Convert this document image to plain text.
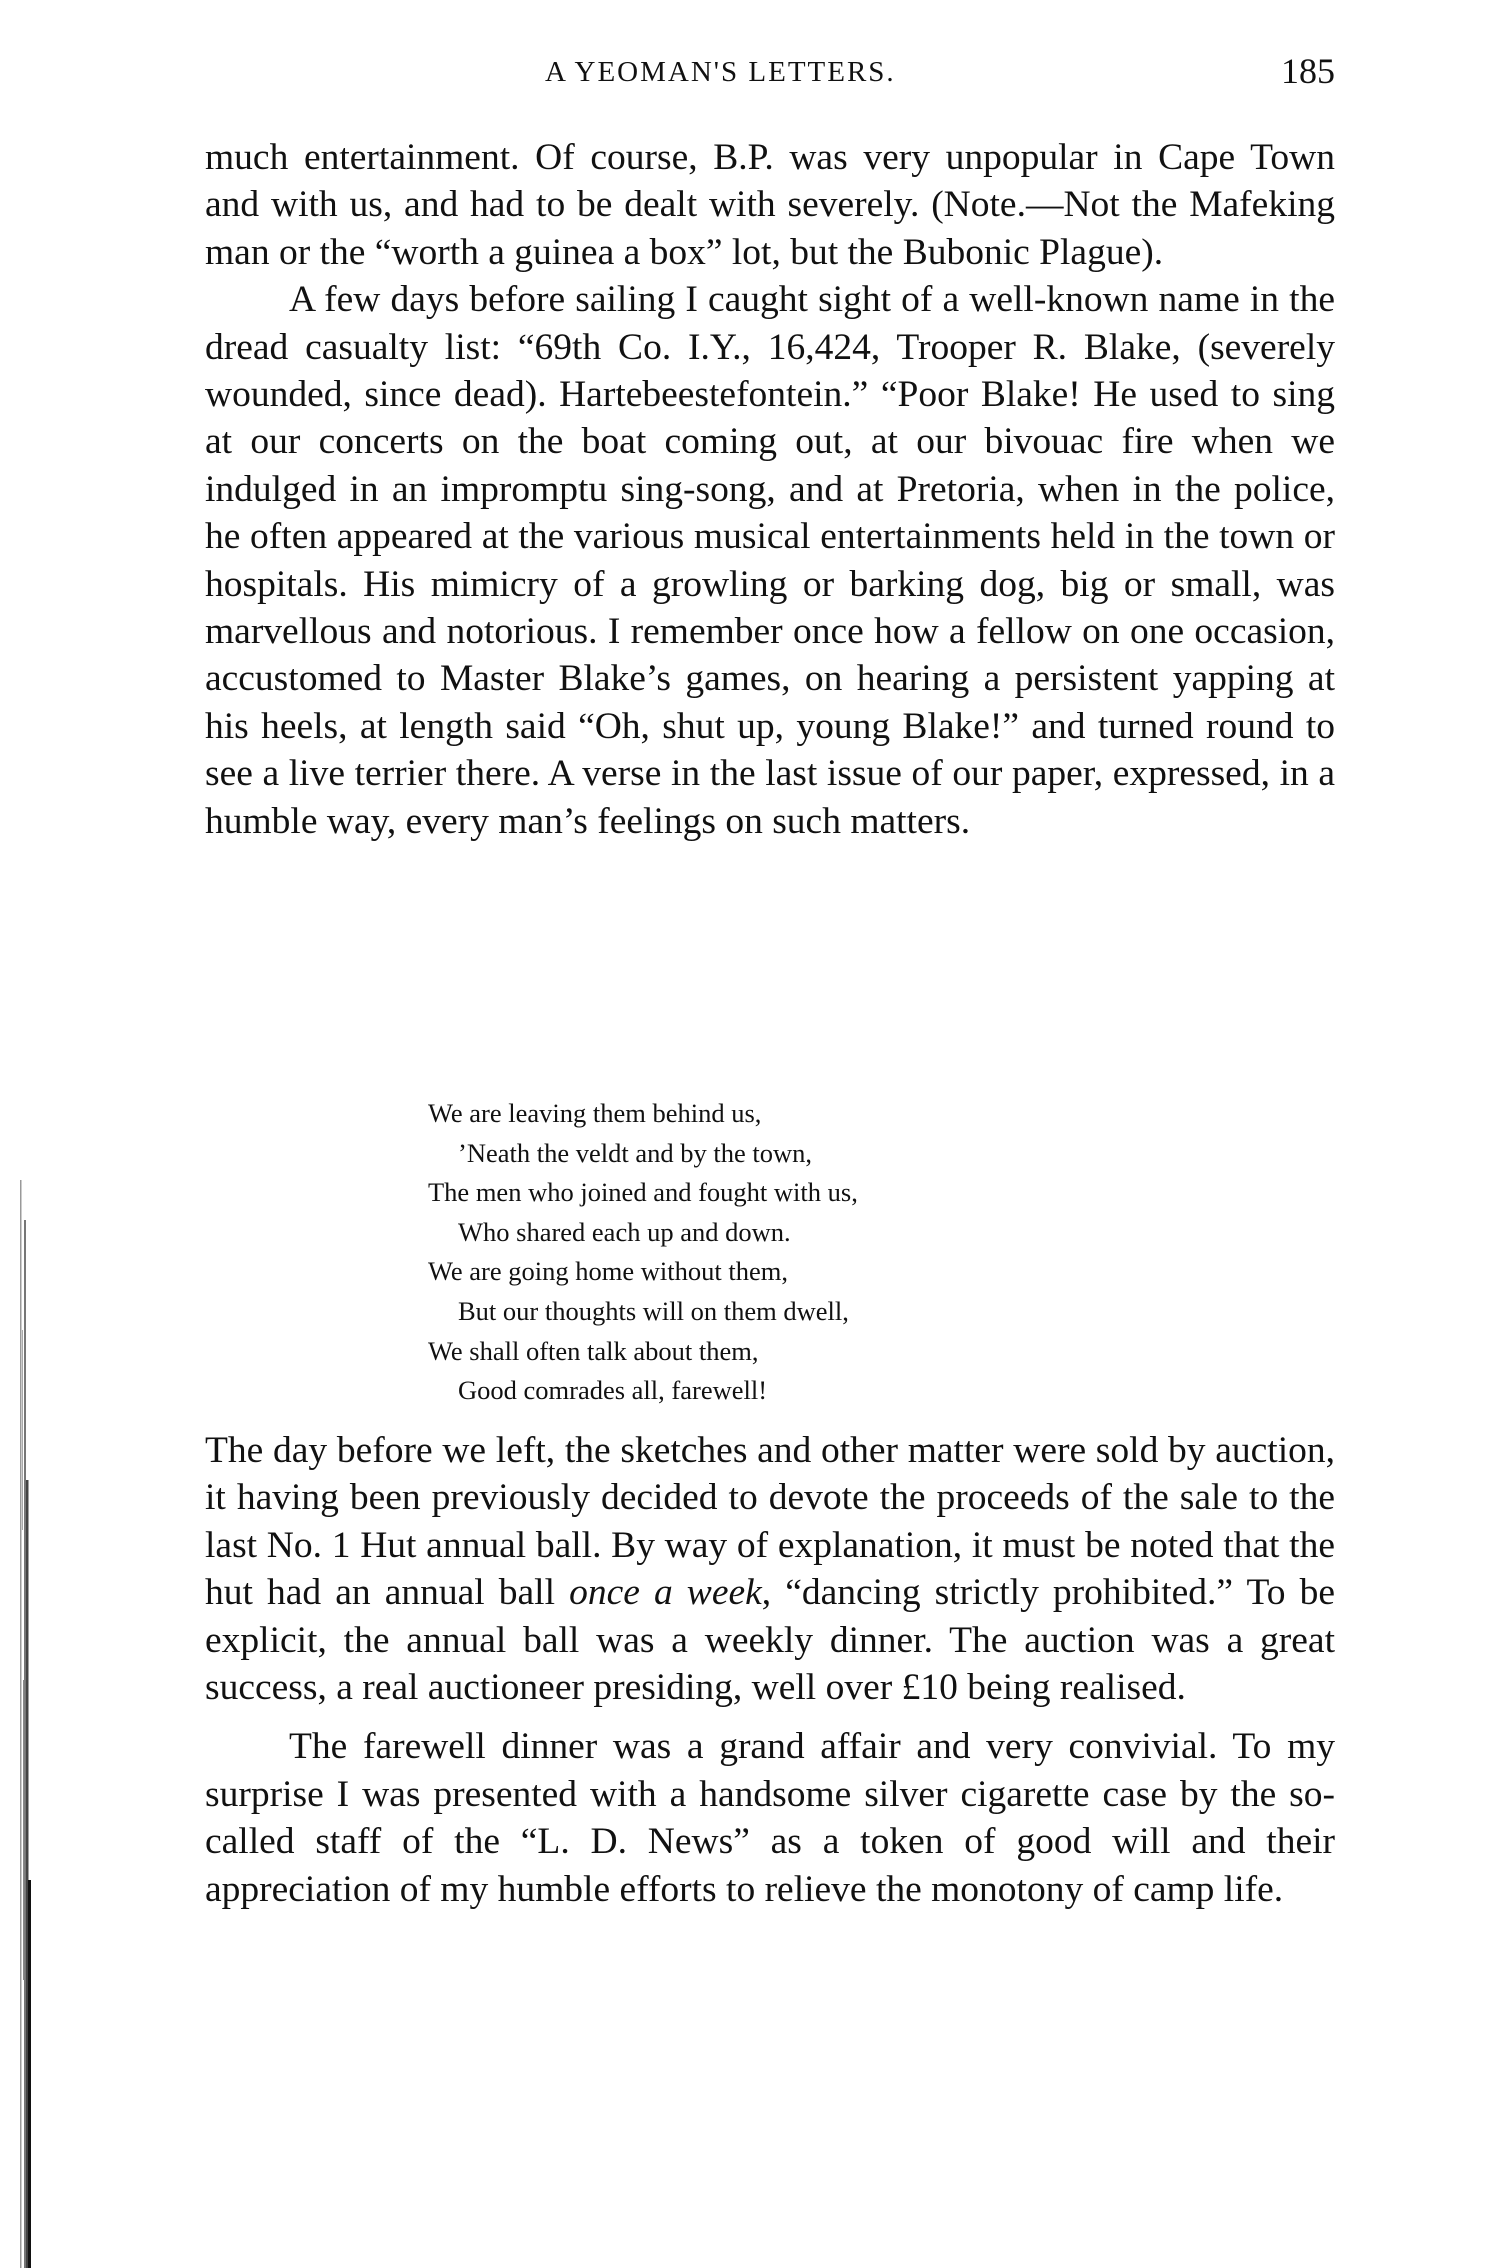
A YEOMAN'S LETTERS.	185

much entertainment. Of course, B.P. was very unpopular in Cape Town and with us, and had to be dealt with severely. (Note.—Not the Mafeking man or the “worth a guinea a box” lot, but the Bubonic Plague).

A few days before sailing I caught sight of a well-known name in the dread casualty list: “69th Co. I.Y., 16,424, Trooper R. Blake, (severely wounded, since dead). Hartebeestefontein.” “Poor Blake! He used to sing at our concerts on the boat coming out, at our bivouac fire when we indulged in an impromptu sing-song, and at Pretoria, when in the police, he often appeared at the various musical entertainments held in the town or hospitals. His mimicry of a growling or barking dog, big or small, was marvellous and notorious. I remember once how a fellow on one occasion, accustomed to Master Blake’s games, on hearing a persistent yapping at his heels, at length said “Oh, shut up, young Blake!” and turned round to see a live terrier there. A verse in the last issue of our paper, expressed, in a humble way, every man’s feelings on such matters.

We are leaving them behind us,
’Neath the veldt and by the town,
The men who joined and fought with us,
Who shared each up and down.
We are going home without them,
But our thoughts will on them dwell,
We shall often talk about them,
Good comrades all, farewell!

The day before we left, the sketches and other matter were sold by auction, it having been previously decided to devote the proceeds of the sale to the last No. 1 Hut annual ball. By way of explanation, it must be noted that the hut had an annual ball once a week, “dancing strictly prohibited.” To be explicit, the annual ball was a weekly dinner. The auction was a great success, a real auctioneer presiding, well over £10 being realised.

The farewell dinner was a grand affair and very convivial. To my surprise I was presented with a handsome silver cigarette case by the so-called staff of the “L. D. News” as a token of good will and their appreciation of my humble efforts to relieve the monotony of camp life.
